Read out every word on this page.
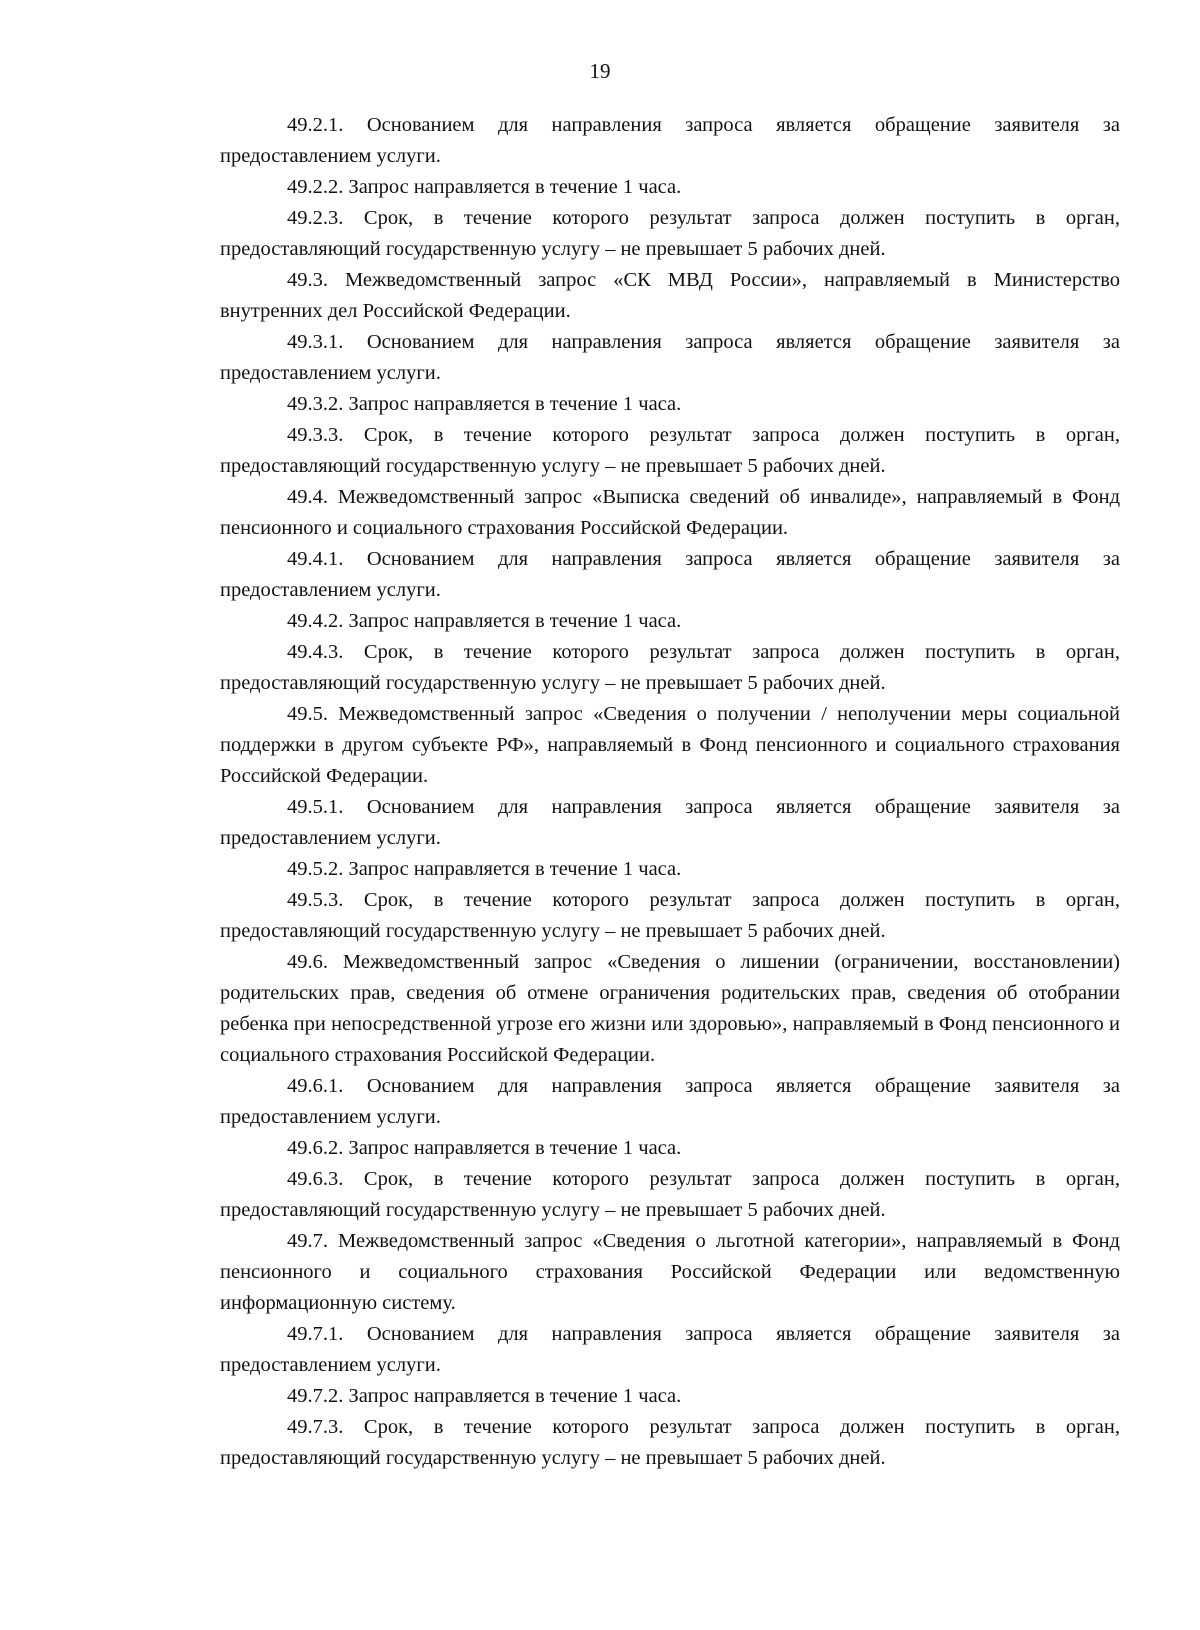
19

49.2.1. Основанием для направления запроса является обращение заявителя за предоставлением услуги.

49.2.2. Запрос направляется в течение 1 часа.

49.2.3. Срок, в течение которого результат запроса должен поступить в орган, предоставляющий государственную услугу – не превышает 5 рабочих дней.

49.3. Межведомственный запрос «СК МВД России», направляемый в Министерство внутренних дел Российской Федерации.

49.3.1. Основанием для направления запроса является обращение заявителя за предоставлением услуги.

49.3.2. Запрос направляется в течение 1 часа.

49.3.3. Срок, в течение которого результат запроса должен поступить в орган, предоставляющий государственную услугу – не превышает 5 рабочих дней.

49.4. Межведомственный запрос «Выписка сведений об инвалиде», направляемый в Фонд пенсионного и социального страхования Российской Федерации.

49.4.1. Основанием для направления запроса является обращение заявителя за предоставлением услуги.

49.4.2. Запрос направляется в течение 1 часа.

49.4.3. Срок, в течение которого результат запроса должен поступить в орган, предоставляющий государственную услугу – не превышает 5 рабочих дней.

49.5. Межведомственный запрос «Сведения о получении / неполучении меры социальной поддержки в другом субъекте РФ», направляемый в Фонд пенсионного и социального страхования Российской Федерации.

49.5.1. Основанием для направления запроса является обращение заявителя за предоставлением услуги.

49.5.2. Запрос направляется в течение 1 часа.

49.5.3. Срок, в течение которого результат запроса должен поступить в орган, предоставляющий государственную услугу – не превышает 5 рабочих дней.

49.6. Межведомственный запрос «Сведения о лишении (ограничении, восстановлении) родительских прав, сведения об отмене ограничения родительских прав, сведения об отобрании ребенка при непосредственной угрозе его жизни или здоровью», направляемый в Фонд пенсионного и социального страхования Российской Федерации.

49.6.1. Основанием для направления запроса является обращение заявителя за предоставлением услуги.

49.6.2. Запрос направляется в течение 1 часа.

49.6.3. Срок, в течение которого результат запроса должен поступить в орган, предоставляющий государственную услугу – не превышает 5 рабочих дней.

49.7. Межведомственный запрос «Сведения о льготной категории», направляемый в Фонд пенсионного и социального страхования Российской Федерации или ведомственную информационную систему.

49.7.1. Основанием для направления запроса является обращение заявителя за предоставлением услуги.

49.7.2. Запрос направляется в течение 1 часа.

49.7.3. Срок, в течение которого результат запроса должен поступить в орган, предоставляющий государственную услугу – не превышает 5 рабочих дней.
